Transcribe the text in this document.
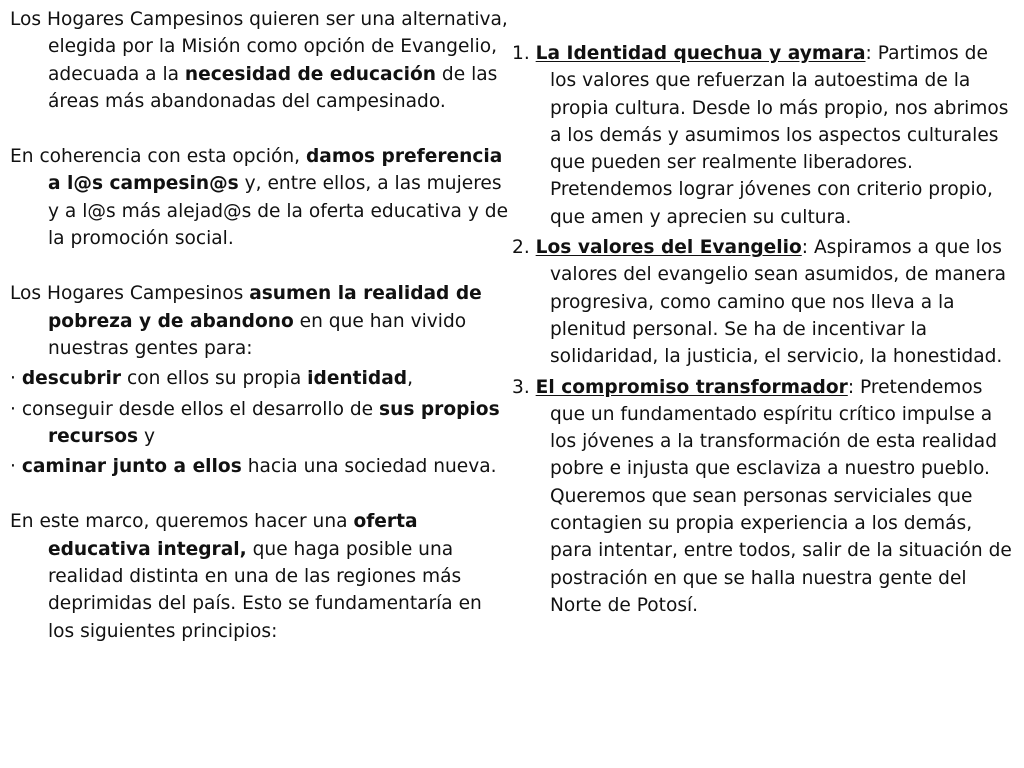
Los Hogares Campesinos quieren ser una alternativa, elegida por la Misión como opción de Evangelio, adecuada a la necesidad de educación de las áreas más abandonadas del campesinado.

En coherencia con esta opción, damos preferencia a l@s campesin@s y, entre ellos, a las mujeres y a l@s más alejad@s de la oferta educativa y de la promoción social.

Los Hogares Campesinos asumen la realidad de pobreza y de abandono en que han vivido nuestras gentes para:

· descubrir con ellos su propia identidad,

· conseguir desde ellos el desarrollo de sus propios recursos y

· caminar junto a ellos hacia una sociedad nueva.

En este marco, queremos hacer una oferta educativa integral, que haga posible una realidad distinta en una de las regiones más deprimidas del país. Esto se fundamentaría en los siguientes principios:

1. La Identidad quechua y aymara: Partimos de los valores que refuerzan la autoestima de la propia cultura. Desde lo más propio, nos abrimos a los demás y asumimos los aspectos culturales que pueden ser realmente liberadores. Pretendemos lograr jóvenes con criterio propio, que amen y aprecien su cultura.

2. Los valores del Evangelio: Aspiramos a que los valores del evangelio sean asumidos, de manera progresiva, como camino que nos lleva a la plenitud personal. Se ha de incentivar la solidaridad, la justicia, el servicio, la honestidad.

3. El compromiso transformador: Pretendemos que un fundamentado espíritu crítico impulse a los jóvenes a la transformación de esta realidad pobre e injusta que esclaviza a nuestro pueblo. Queremos que sean personas serviciales que contagien su propia experiencia a los demás, para intentar, entre todos, salir de la situación de postración en que se halla nuestra gente del Norte de Potosí.
